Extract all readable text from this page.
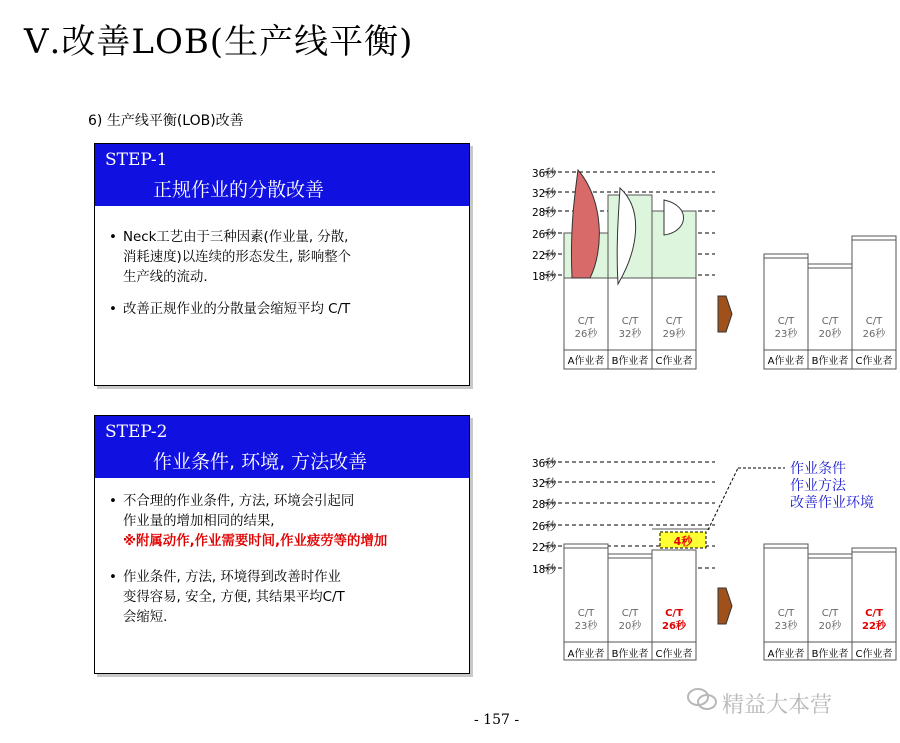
Ⅴ.改善LOB(生产线平衡)
6) 生产线平衡(LOB)改善
STEP-1
正规作业的分散改善
• Neck工艺由于三种因素(作业量, 分散,
消耗速度)以连续的形态发生, 影响整个
生产线的流动.
• 改善正规作业的分散量会缩短平均 C/T
STEP-2
作业条件, 环境, 方法改善
• 不合理的作业条件, 方法, 环境会引起同
作业量的增加相同的结果,
※附属动作,作业需要时间,作业疲劳等的增加
• 作业条件, 方法, 环境得到改善时作业
变得容易, 安全, 方便, 其结果平均C/T
会缩短.
36秒
32秒
28秒
26秒
22秒
18秒
C/T
26秒
C/T
32秒
C/T
29秒
A作业者 B作业者 C作业者
C/T
23秒
C/T
20秒
C/T
26秒
A作业者 B作业者 C作业者
36秒
32秒
28秒
26秒
22秒
18秒
4秒
C/T
23秒
C/T
20秒
C/T
26秒
A作业者 B作业者 C作业者
C/T
23秒
C/T
20秒
C/T
22秒
A作业者 B作业者 C作业者
作业条件
作业方法
改善作业环境
- 157 -
精益大本营
